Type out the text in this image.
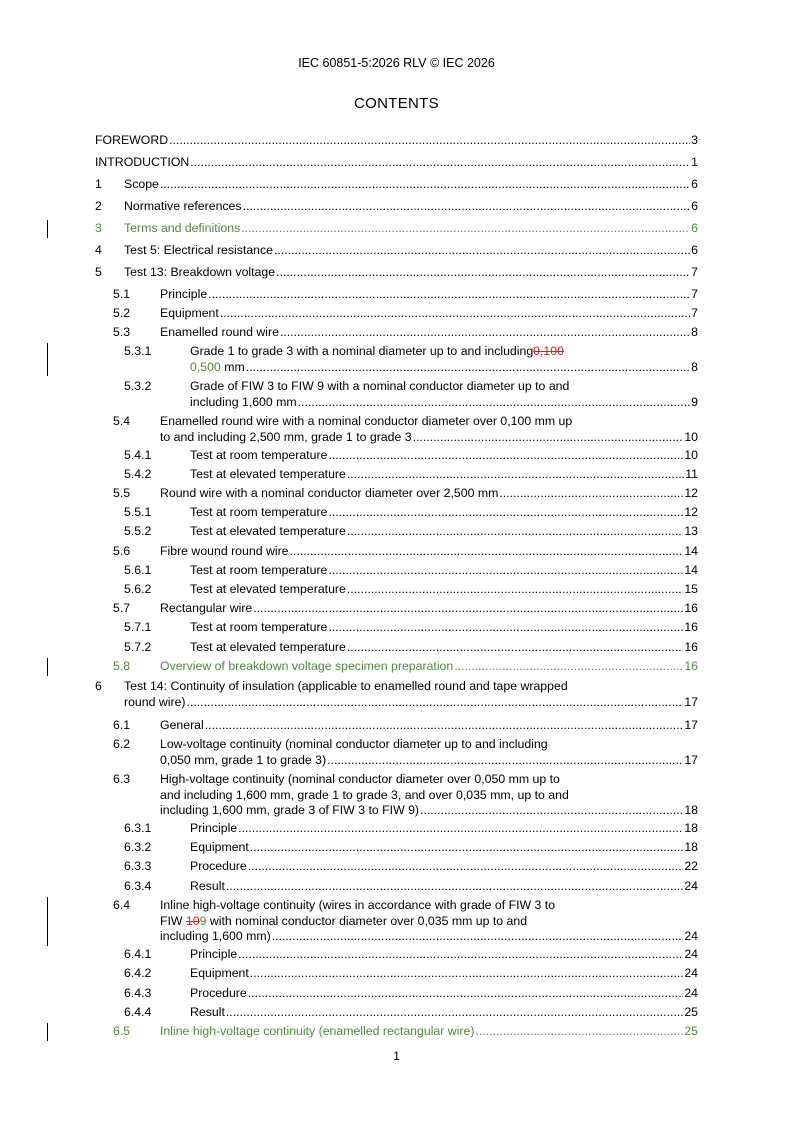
IEC 60851-5:2026 RLV © IEC 2026
CONTENTS
FOREWORD .....	3
INTRODUCTION .....	1
1 Scope .....	6
2 Normative references .....	6
3 Terms and definitions .....	6
4 Test 5: Electrical resistance .....	6
5 Test 13: Breakdown voltage .....	7
5.1 Principle .....	7
5.2 Equipment .....	7
5.3 Enamelled round wire .....	8
5.3.1	Grade 1 to grade 3 with a nominal diameter up to and including0,100
0,500 mm .....	8
5.3.2	Grade of FIW 3 to FIW 9 with a nominal conductor diameter up to and
including 1,600 mm .....	9
5.4 Enamelled round wire with a nominal conductor diameter over 0,100 mm up
to and including 2,500 mm, grade 1 to grade 3 .....	10
5.4.1	Test at room temperature .....	10
5.4.2	Test at elevated temperature .....	11
5.5 Round wire with a nominal conductor diameter over 2,500 mm .....	12
5.5.1	Test at room temperature .....	12
5.5.2	Test at elevated temperature .....	13
5.6 Fibre wound round wire .....	14
5.6.1	Test at room temperature .....	14
5.6.2	Test at elevated temperature .....	15
5.7 Rectangular wire .....	16
5.7.1	Test at room temperature .....	16
5.7.2	Test at elevated temperature .....	16
5.8 Overview of breakdown voltage specimen preparation .....	16
6 Test 14: Continuity of insulation (applicable to enamelled round and tape wrapped
round wire) .....	17
6.1 General .....	17
6.2 Low-voltage continuity (nominal conductor diameter up to and including
0,050 mm, grade 1 to grade 3) .....	17
6.3 High-voltage continuity (nominal conductor diameter over 0,050 mm up to
and including 1,600 mm, grade 1 to grade 3, and over 0,035 mm, up to and
including 1,600 mm, grade 3 of FIW 3 to FIW 9) .....	18
6.3.1	Principle .....	18
6.3.2	Equipment .....	18
6.3.3	Procedure .....	22
6.3.4	Result .....	24
6.4 Inline high-voltage continuity (wires in accordance with grade of FIW 3 to
FIW 109 with nominal conductor diameter over 0,035 mm up to and
including 1,600 mm) .....	24
6.4.1	Principle .....	24
6.4.2	Equipment .....	24
6.4.3	Procedure .....	24
6.4.4	Result .....	25
6.5 Inline high-voltage continuity (enamelled rectangular wire) .....	25
1
